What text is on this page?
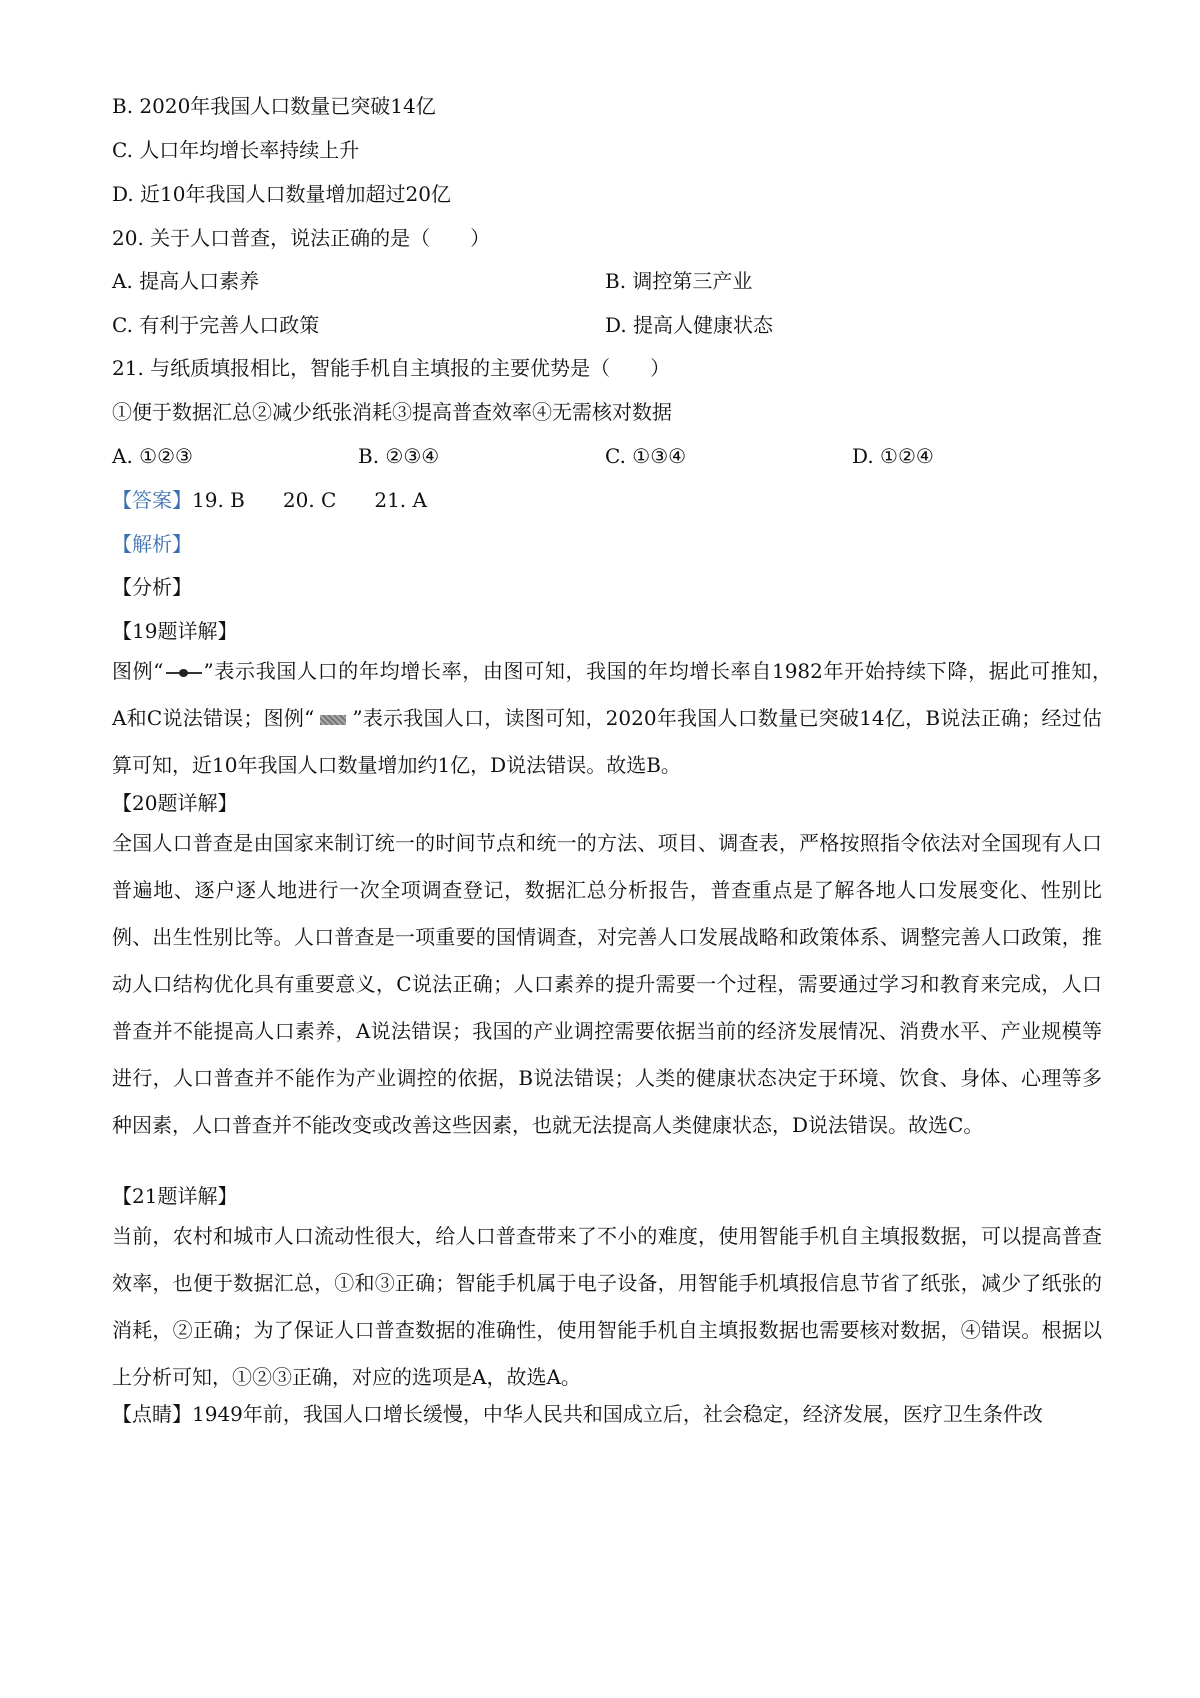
B. 2020年我国人口数量已突破14亿
C. 人口年均增长率持续上升
D. 近10年我国人口数量增加超过20亿
20. 关于人口普查，说法正确的是（　　）
A. 提高人口素养	B. 调控第三产业
C. 有利于完善人口政策	D. 提高人健康状态
21. 与纸质填报相比，智能手机自主填报的主要优势是（　　）
①便于数据汇总②减少纸张消耗③提高普查效率④无需核对数据
A. ①②③	B. ②③④	C. ①③④	D. ①②④
【答案】19. B 20. C 21. A
【解析】
【分析】
【19题详解】
图例“ ”表示我国人口的年均增长率，由图可知，我国的年均增长率自1982年开始持续下降，据此可推知，　A和C说法错误；图例“ ”表示我国人口，读图可知，2020年我国人口数量已突破14亿，B说法正确；经过估算可知，近10年我国人口数量增加约1亿，D说法错误。故选B。
【20题详解】
全国人口普查是由国家来制订统一的时间节点和统一的方法、项目、调查表，严格按照指令依法对全国现有人口普遍地、逐户逐人地进行一次全项调查登记，数据汇总分析报告，普查重点是了解各地人口发展变化、性别比例、出生性别比等。人口普查是一项重要的国情调查，对完善人口发展战略和政策体系、调整完善人口政策，推动人口结构优化具有重要意义，C说法正确；人口素养的提升需要一个过程，需要通过学习和教育来完成，人口普查并不能提高人口素养，A说法错误；我国的产业调控需要依据当前的经济发展情况、消费水平、产业规模等进行，人口普查并不能作为产业调控的依据，B说法错误；人类的健康状态决定于环境、饮食、身体、心理等多种因素，人口普查并不能改变或改善这些因素，也就无法提高人类健康状态，D说法错误。故选C。
【21题详解】
当前，农村和城市人口流动性很大，给人口普查带来了不小的难度，使用智能手机自主填报数据，可以提高普查效率，也便于数据汇总，①和③正确；智能手机属于电子设备，用智能手机填报信息节省了纸张，减少了纸张的消耗，②正确；为了保证人口普查数据的准确性，使用智能手机自主填报数据也需要核对数据，④错误。根据以上分析可知，①②③正确，对应的选项是A，故选A。
【点睛】1949年前，我国人口增长缓慢，中华人民共和国成立后，社会稳定，经济发展，医疗卫生条件改
